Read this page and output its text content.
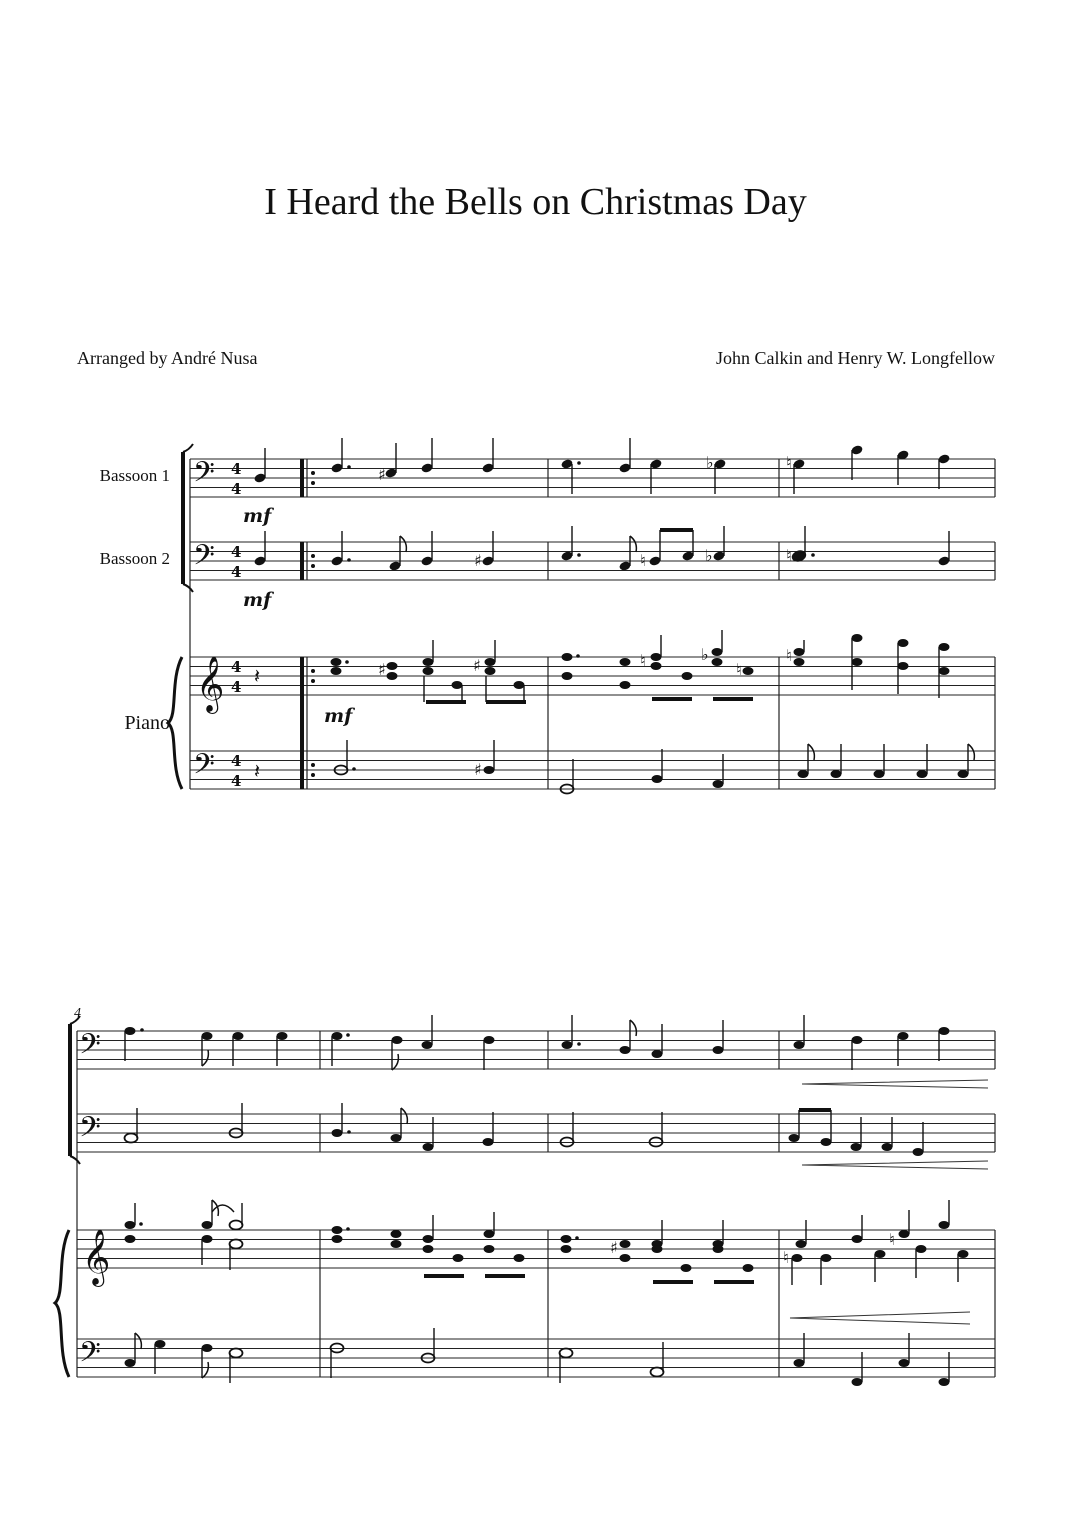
I Heard the Bells on Christmas Day
Arranged by André Nusa	John Calkin and Henry W. Longfellow
Bassoon 1
Bassoon 2
Piano
𝄢
𝄢
𝄞
𝄢
4
4
4
4
4
4
4
4
♯
♭	♮
mf
♯	♮	♭	♮
mf
𝄽	♯	♯	♮	♭
♮
♮
mf
𝄽	♯
4
𝄢
𝄢
𝄞
𝄢
♯
♮
♮
